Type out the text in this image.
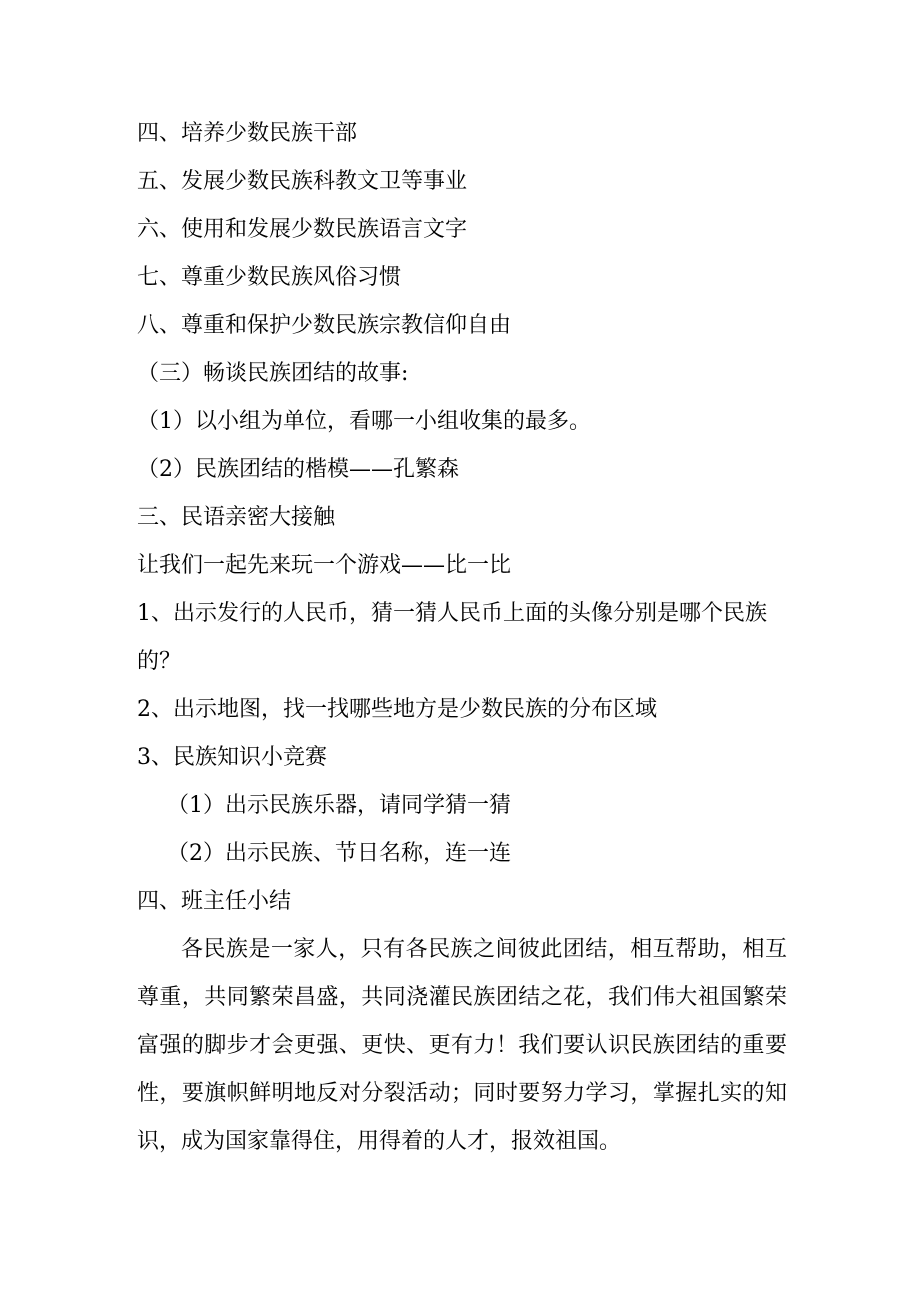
四、培养少数民族干部
五、发展少数民族科教文卫等事业
六、使用和发展少数民族语言文字
七、尊重少数民族风俗习惯
八、尊重和保护少数民族宗教信仰自由
（三）畅谈民族团结的故事:
（1）以小组为单位，看哪一小组收集的最多。
（2）民族团结的楷模——孔繁森
三、民语亲密大接触
让我们一起先来玩一个游戏——比一比
1、出示发行的人民币，猜一猜人民币上面的头像分别是哪个民族
的？
2、出示地图，找一找哪些地方是少数民族的分布区域
3、民族知识小竞赛
（1）出示民族乐器，请同学猜一猜
（2）出示民族、节日名称，连一连
四、班主任小结
各民族是一家人，只有各民族之间彼此团结，相互帮助，相互尊重，共同繁荣昌盛，共同浇灌民族团结之花，我们伟大祖国繁荣富强的脚步才会更强、更快、更有力！我们要认识民族团结的重要性，要旗帜鲜明地反对分裂活动；同时要努力学习，掌握扎实的知识，成为国家靠得住，用得着的人才，报效祖国。
